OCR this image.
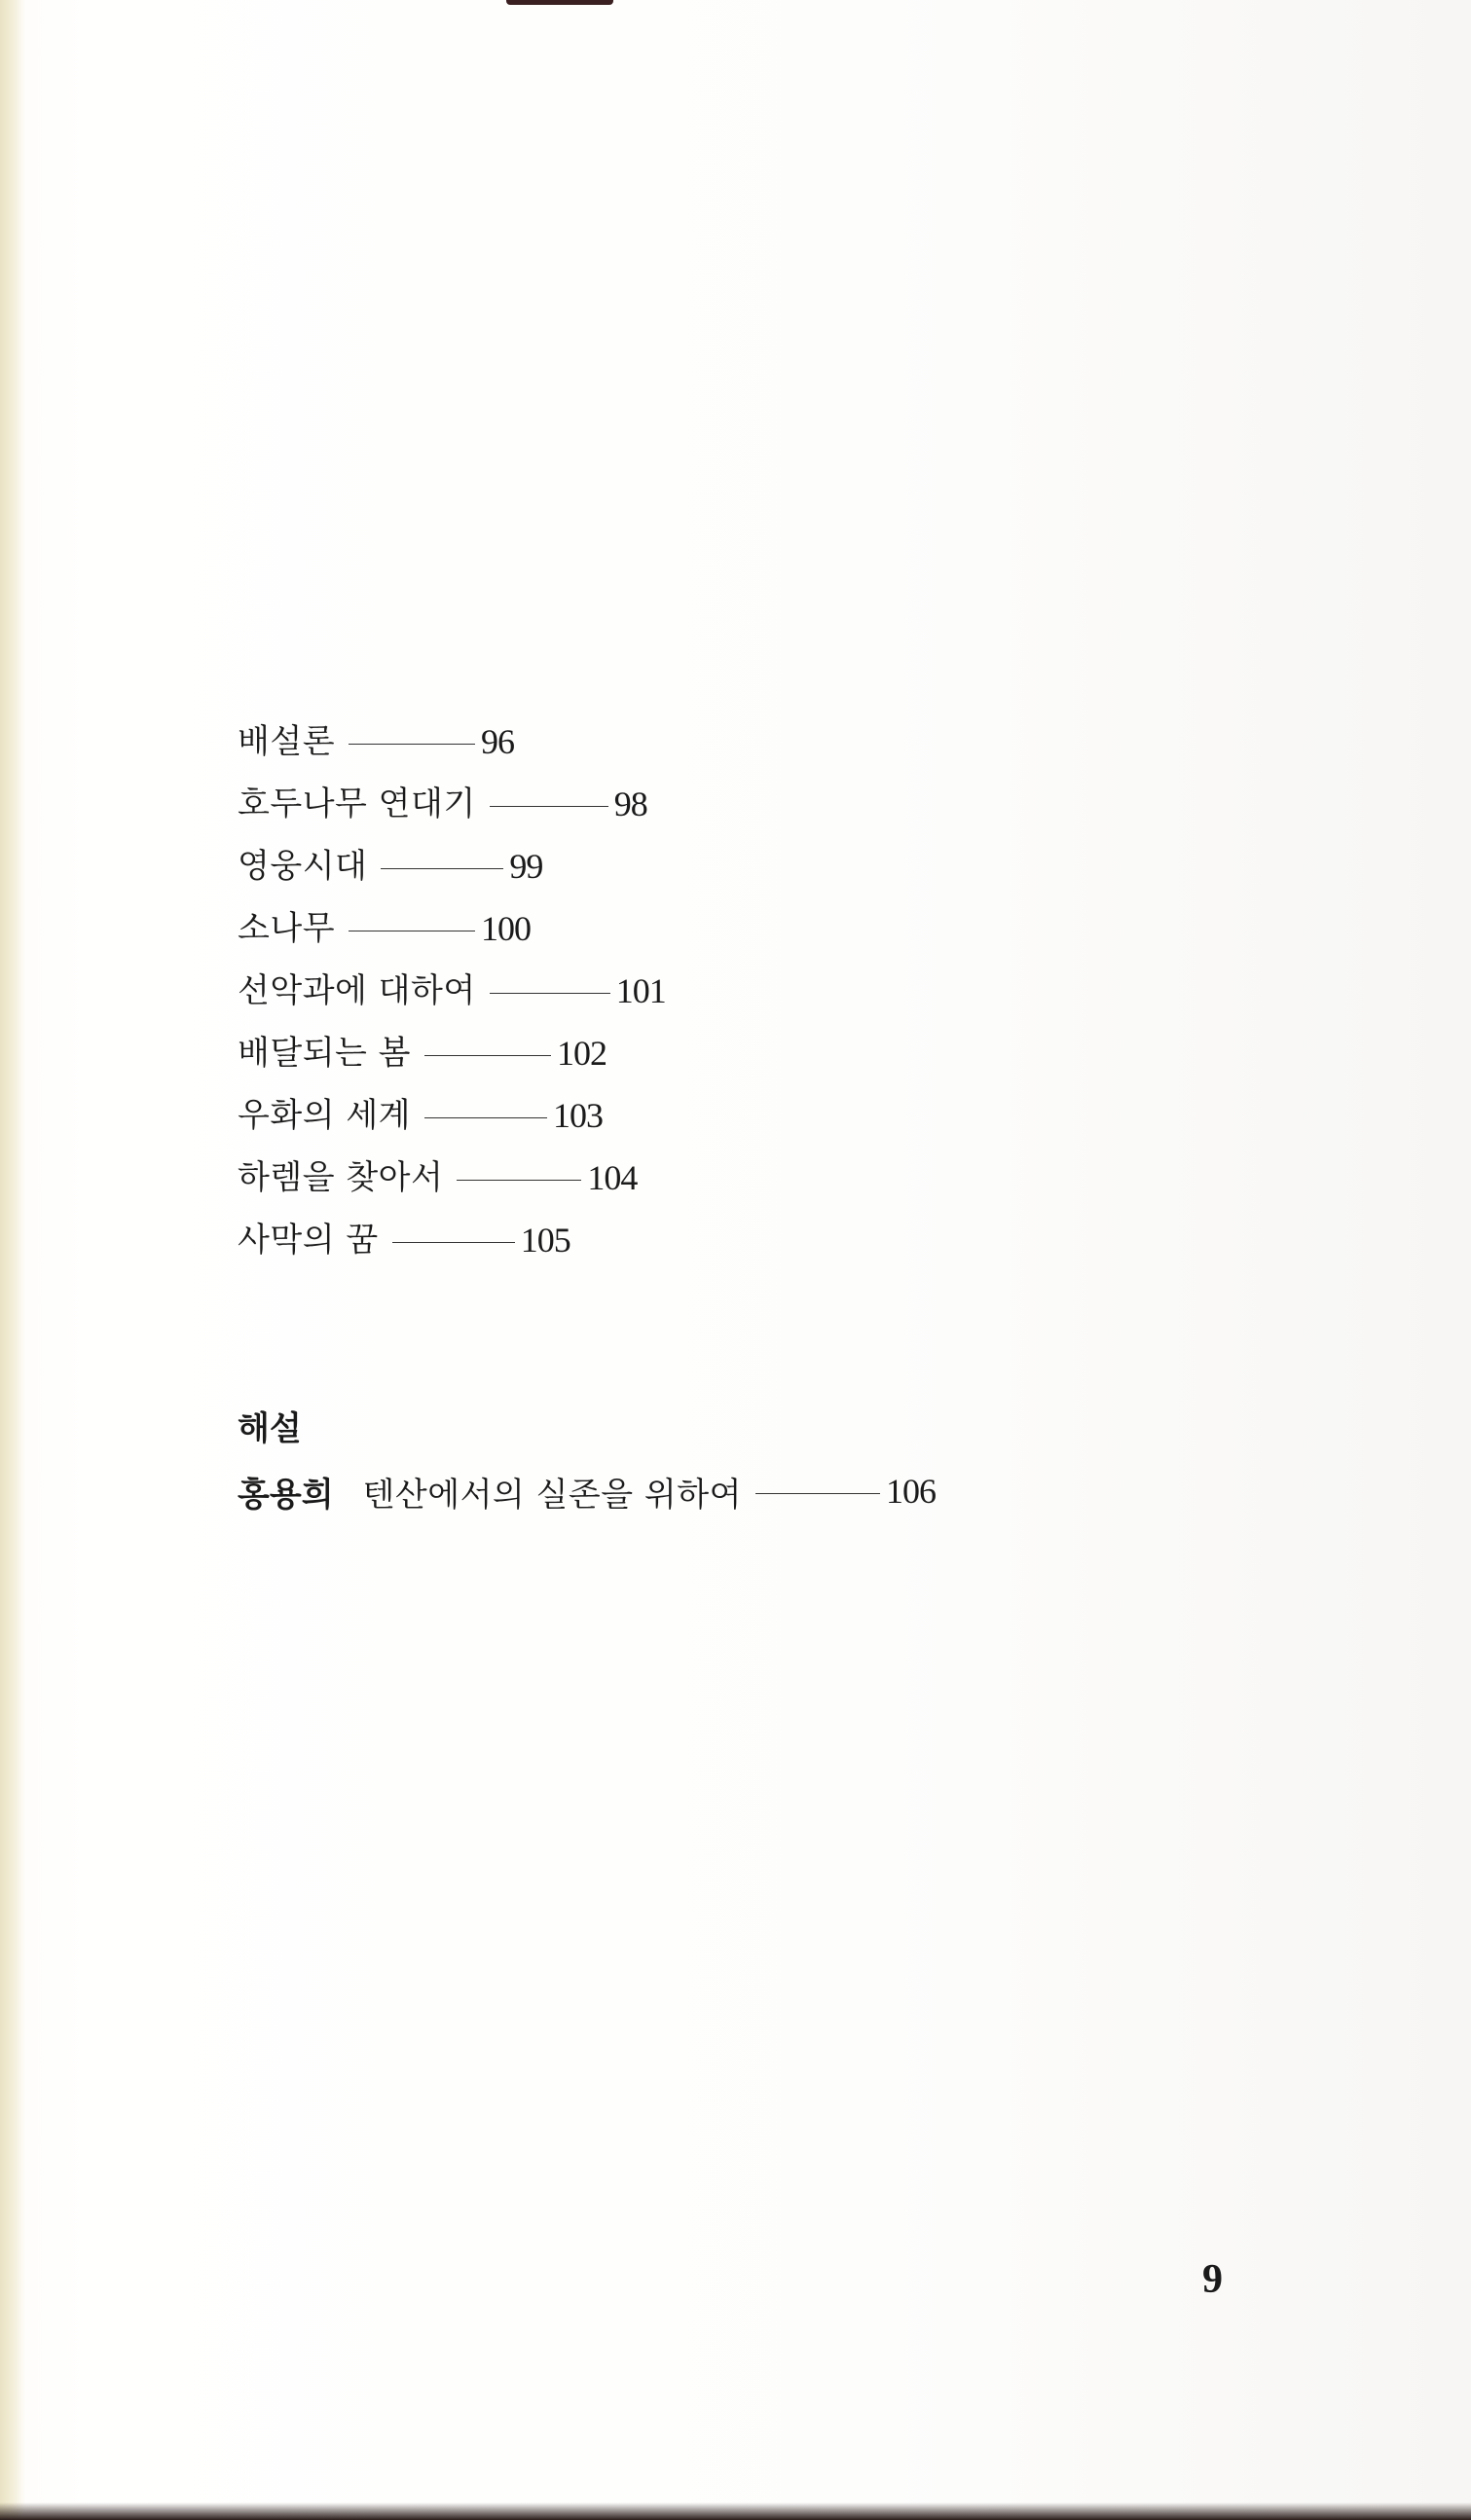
배설론	96
호두나무 연대기	98
영웅시대	99
소나무	100
선악과에 대하여	101
배달되는 봄	102
우화의 세계	103
하렘을 찾아서	104
사막의 꿈	105
해설
홍용희 텐산에서의 실존을 위하여	106
9
